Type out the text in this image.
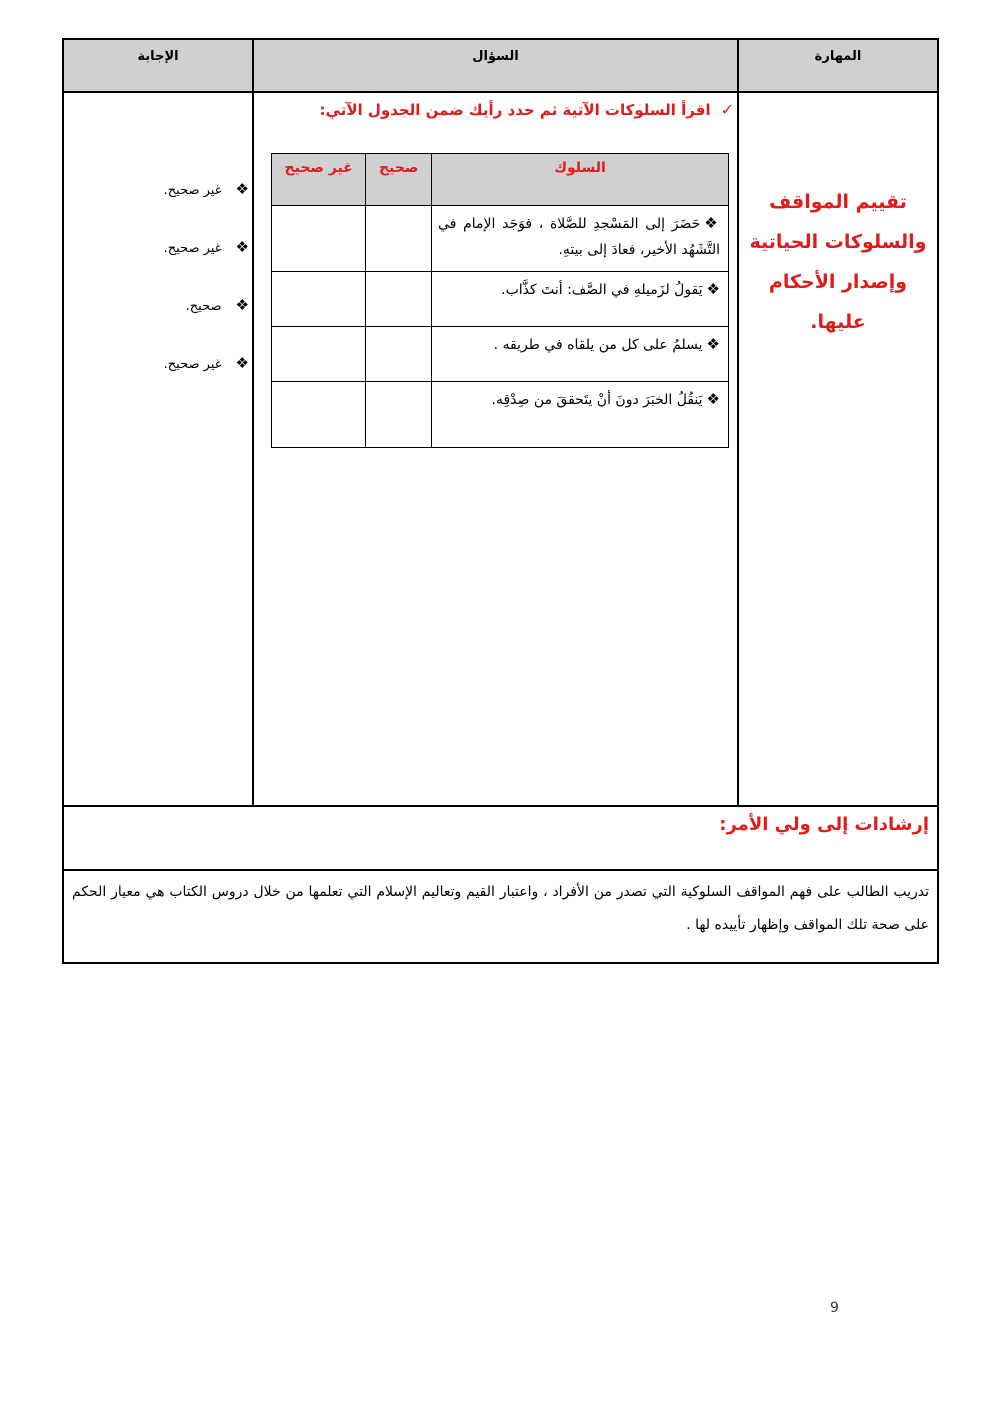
الإجابة	السؤال	المهارة
تقييم المواقف والسلوكات الحياتية وإصدار الأحكام عليها.
✓اقرأ السلوكات الآتية ثم حدد رأيك ضمن الجدول الآتي:
السلوك	صحيح	غير صحيح
❖حَضَرَ إلى المَسْجدِ للصَّلاة ، فوَجَد الإمام في التَّشَهُد الأخير، فعادَ إلى بيتهِ.		
❖يَقولُ لزَميلهِ في الصَّف: أنتَ كذَّاب.		
❖يسلمُ على كل من يلقاه في طريقه .		
❖يَنقُلُ الخبَرَ دونَ أنْ يتَحققَ من صِدْقِه.		
❖غير صحيح.
❖غير صحيح.
❖صحيح.
❖غير صحيح.
إرشادات إلى ولي الأمر:
تدريب الطالب على فهم المواقف السلوكية التي تصدر من الأفراد ، واعتبار القيم وتعاليم الإسلام التي تعلمها من خلال دروس الكتاب هي معيار الحكم على صحة تلك المواقف وإظهار تأييده لها .
9
